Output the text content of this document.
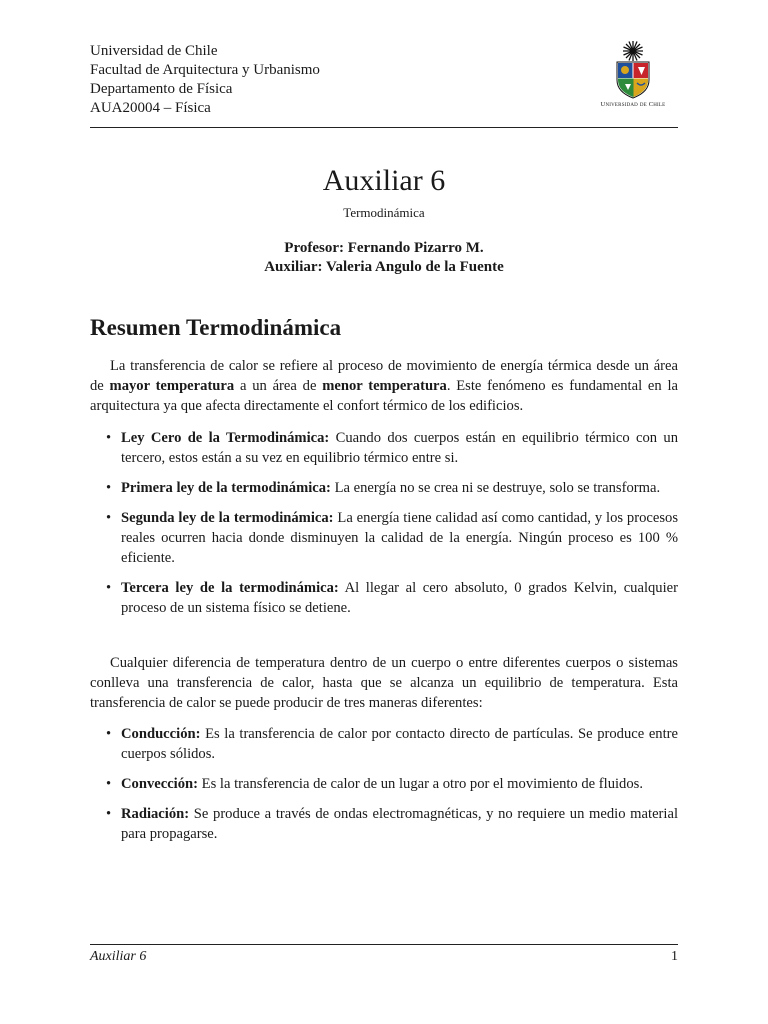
Universidad de Chile
Facultad de Arquitectura y Urbanismo
Departamento de Física
AUA20004 – Física	Universidad de Chile
Auxiliar 6
Termodinámica
Profesor: Fernando Pizarro M.
Auxiliar: Valeria Angulo de la Fuente
Resumen Termodinámica
La transferencia de calor se refiere al proceso de movimiento de energía térmica desde un área de mayor temperatura a un área de menor temperatura. Este fenómeno es fundamental en la arquitectura ya que afecta directamente el confort térmico de los edificios.
• Ley Cero de la Termodinámica: Cuando dos cuerpos están en equilibrio térmico con un tercero, estos están a su vez en equilibrio térmico entre si.
• Primera ley de la termodinámica: La energía no se crea ni se destruye, solo se transforma.
• Segunda ley de la termodinámica: La energía tiene calidad así como cantidad, y los procesos reales ocurren hacia donde disminuyen la calidad de la energía. Ningún proceso es 100 % eficiente.
• Tercera ley de la termodinámica: Al llegar al cero absoluto, 0 grados Kelvin, cualquier proceso de un sistema físico se detiene.
Cualquier diferencia de temperatura dentro de un cuerpo o entre diferentes cuerpos o sistemas conlleva una transferencia de calor, hasta que se alcanza un equilibrio de temperatura. Esta transferencia de calor se puede producir de tres maneras diferentes:
• Conducción: Es la transferencia de calor por contacto directo de partículas. Se produce entre cuerpos sólidos.
• Convección: Es la transferencia de calor de un lugar a otro por el movimiento de fluidos.
• Radiación: Se produce a través de ondas electromagnéticas, y no requiere un medio material para propagarse.
Auxiliar 6	1
